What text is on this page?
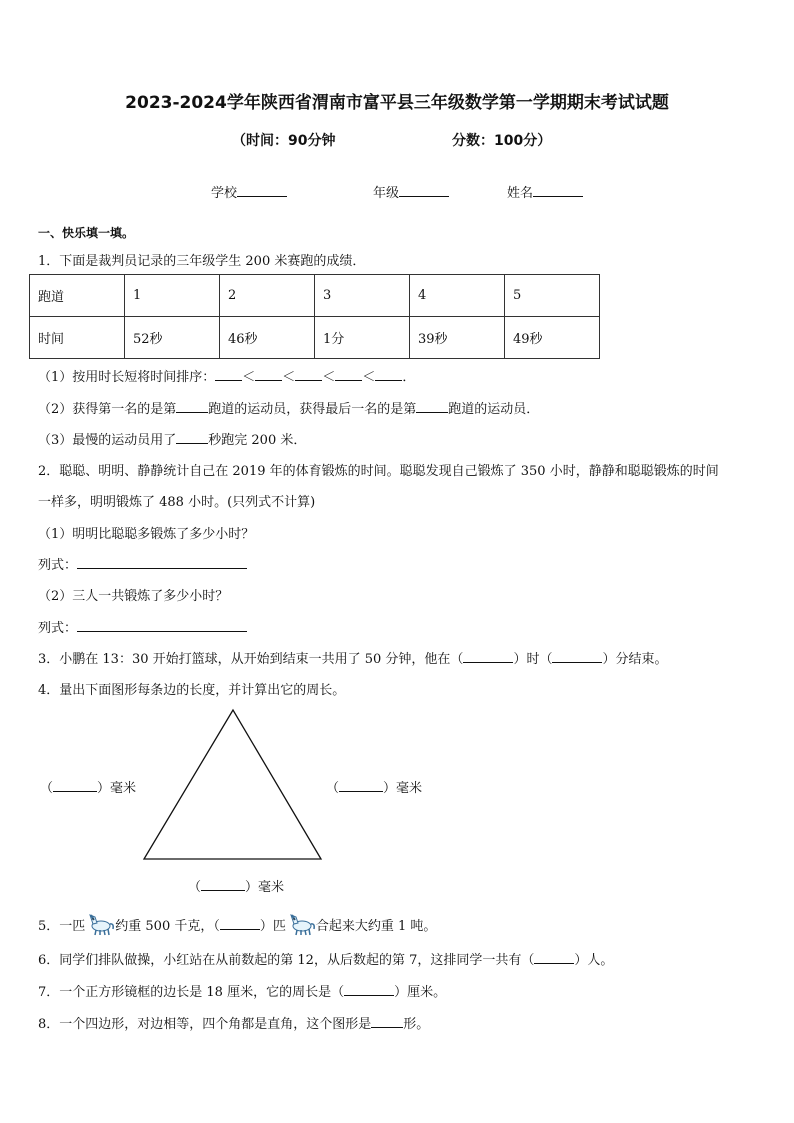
2023-2024学年陕西省渭南市富平县三年级数学第一学期期末考试试题
（时间：90分钟	分数：100分）
学校	年级	姓名
一、快乐填一填。
1．下面是裁判员记录的三年级学生 200 米赛跑的成绩．
跑道	1	2	3	4	5
时间	52秒	46秒	1分	39秒	49秒
（1）按用时长短将时间排序： ＜ ＜ ＜ ＜ ．
（2）获得第一名的是第 跑道的运动员，获得最后一名的是第 跑道的运动员．
（3）最慢的运动员用了 秒跑完 200 米．
2．聪聪、明明、静静统计自己在 2019 年的体育锻炼的时间。聪聪发现自己锻炼了 350 小时，静静和聪聪锻炼的时间
一样多，明明锻炼了 488 小时。(只列式不计算)
（1）明明比聪聪多锻炼了多少小时？
列式：
（2）三人一共锻炼了多少小时？
列式：
3．小鹏在 13：30 开始打篮球，从开始到结束一共用了 50 分钟，他在（	）时（	）分结束。
4．量出下面图形每条边的长度，并计算出它的周长。
（	）毫米	（	）毫米
（	）毫米
5．一匹 约重 500 千克，（	）匹 合起来大约重 1 吨。
6．同学们排队做操，小红站在从前数起的第 12，从后数起的第 7，这排同学一共有（	）人。
7．一个正方形镜框的边长是 18 厘米，它的周长是（	）厘米。
8．一个四边形，对边相等，四个角都是直角，这个图形是 形。
